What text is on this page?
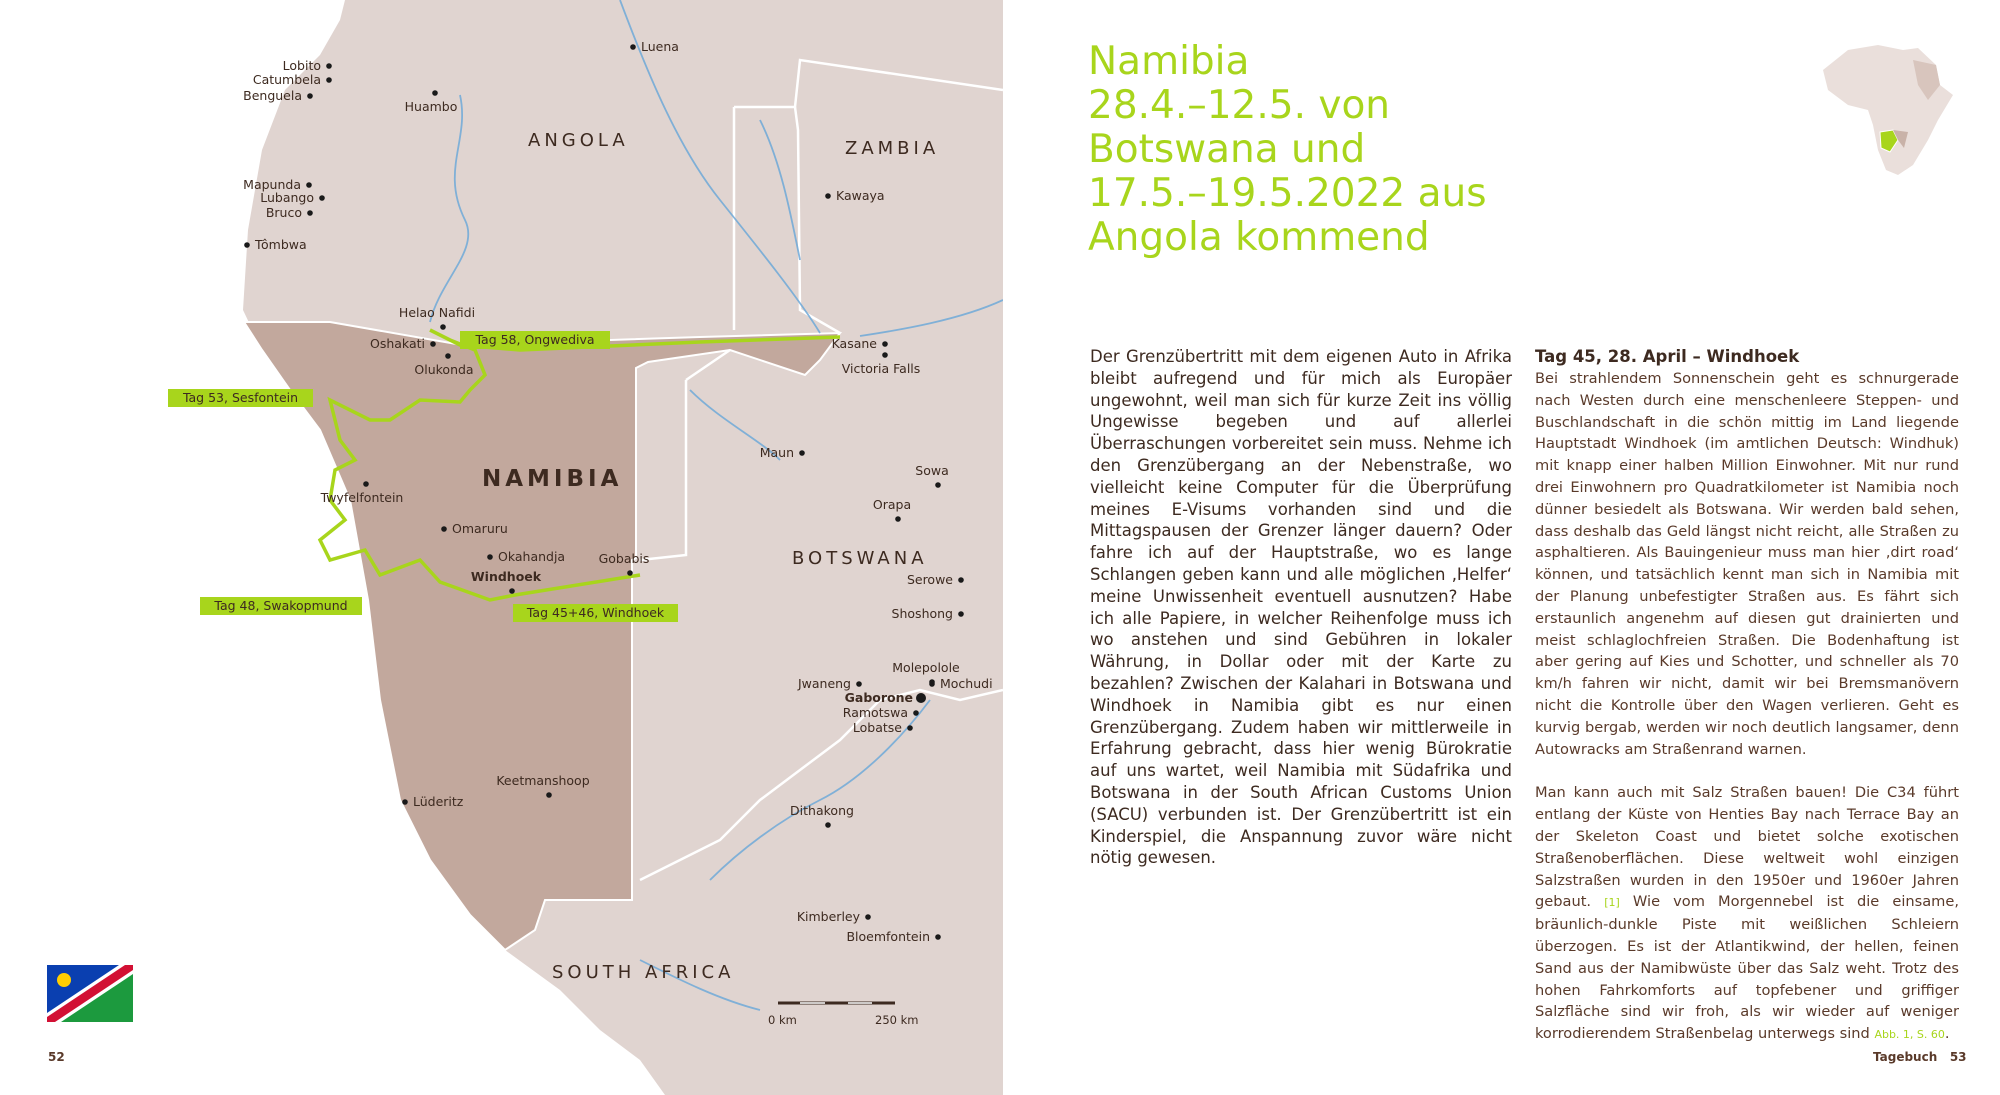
ANGOLA	ZAMBIA
NAMIBIA
BOTSWANA
SOUTH AFRICA
Luena
Lobito
Catumbela
Benguela
Huambo
Mapunda
Lubango
Bruco
Tômbwa
Kawaya
Helao Nafidi
Oshakati
Olukonda
Kasane
Victoria Falls
Maun
Sowa
Orapa
Twyfelfontein
Omaruru
Okahandja	Gobabis
Windhoek	Serowe
Shoshong
Molepolole
Mochudi
Jwaneng
Gaborone
Ramotswa
Lobatse
Keetmanshoop
Lüderitz
Dithakong
Kimberley
Bloemfontein
Tag 58, Ongwediva
Tag 53, Sesfontein
Tag 48, Swakopmund	Tag 45+46, Windhoek
0 km	250 km
52	Tagebuch 53
Namibia
28.4.–12.5. von
Botswana und
17.5.–19.5.2022 aus
Angola kommend

Der Grenzübertritt mit dem eigenen Auto in Afrika bleibt aufregend und für mich als Europäer ungewohnt, weil man sich für kurze Zeit ins völlig Ungewisse begeben und auf allerlei Überraschungen vorbereitet sein muss. Nehme ich den Grenzübergang an der Nebenstraße, wo vielleicht keine Computer für die Überprüfung meines E-Visums vorhanden sind und die Mittagspausen der Grenzer länger dauern? Oder fahre ich auf der Hauptstraße, wo es lange Schlangen geben kann und alle möglichen ‚Helfer‘ meine Unwissenheit eventuell ausnutzen? Habe ich alle Papiere, in welcher Reihenfolge muss ich wo anstehen und sind Gebühren in lokaler Währung, in Dollar oder mit der Karte zu bezahlen? Zwischen der Kalahari in Botswana und Windhoek in Namibia gibt es nur einen Grenzübergang. Zudem haben wir mittlerweile in Erfahrung gebracht, dass hier wenig Bürokratie auf uns wartet, weil Namibia mit Südafrika und Botswana in der South African Customs Union (SACU) verbunden ist. Der Grenzübertritt ist ein Kinderspiel, die Anspannung zuvor wäre nicht nötig gewesen.

Tag 45, 28. April – Windhoek

Bei strahlendem Sonnenschein geht es schnurgerade nach Westen durch eine menschenleere Steppen- und Buschlandschaft in die schön mittig im Land liegende Hauptstadt Windhoek (im amtlichen Deutsch: Windhuk) mit knapp einer halben Million Einwohner. Mit nur rund drei Einwohnern pro Quadratkilometer ist Namibia noch dünner besiedelt als Botswana. Wir werden bald sehen, dass deshalb das Geld längst nicht reicht, alle Straßen zu asphaltieren. Als Bauingenieur muss man hier ‚dirt road‘ können, und tatsächlich kennt man sich in Namibia mit der Planung unbefestigter Straßen aus. Es fährt sich erstaunlich angenehm auf diesen gut drainierten und meist schlaglochfreien Straßen. Die Bodenhaftung ist aber gering auf Kies und Schotter, und schneller als 70 km/h fahren wir nicht, damit wir bei Bremsmanövern nicht die Kontrolle über den Wagen verlieren. Geht es kurvig bergab, werden wir noch deutlich langsamer, denn Autowracks am Straßenrand warnen.

Man kann auch mit Salz Straßen bauen! Die C34 führt entlang der Küste von Henties Bay nach Terrace Bay an der Skeleton Coast und bietet solche exotischen Straßenoberflächen. Diese weltweit wohl einzigen Salzstraßen wurden in den 1950er und 1960er Jahren gebaut. [1] Wie vom Morgennebel ist die einsame, bräunlich-dunkle Piste mit weißlichen Schleiern überzogen. Es ist der Atlantikwind, der hellen, feinen Sand aus der Namibwüste über das Salz weht. Trotz des hohen Fahrkomforts auf topfebener und griffiger Salzfläche sind wir froh, als wir wieder auf weniger korrodierendem Straßenbelag unterwegs sind Abb. 1, S. 60.
